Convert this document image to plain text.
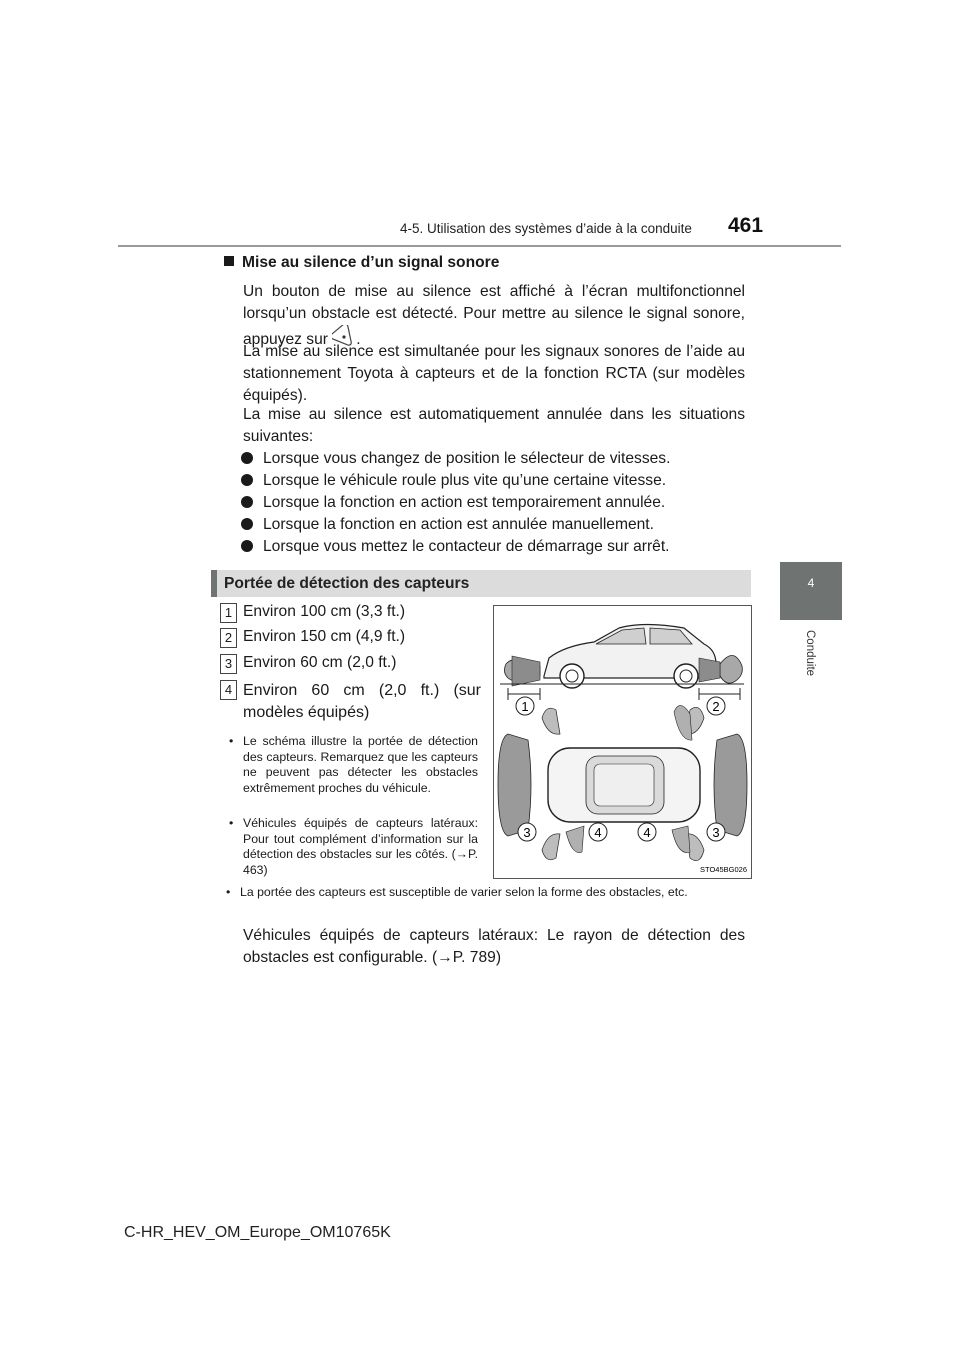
4-5. Utilisation des systèmes d’aide à la conduite 461
4
Conduite
Mise au silence d’un signal sonore
Un bouton de mise au silence est affiché à l’écran multifonctionnel lorsqu’un obstacle est détecté. Pour mettre au silence le signal sonore, appuyez sur .
La mise au silence est simultanée pour les signaux sonores de l’aide au stationnement Toyota à capteurs et de la fonction RCTA (sur modèles équipés).
La mise au silence est automatiquement annulée dans les situations suivantes:
Lorsque vous changez de position le sélecteur de vitesses.
Lorsque le véhicule roule plus vite qu’une certaine vitesse.
Lorsque la fonction en action est temporairement annulée.
Lorsque la fonction en action est annulée manuellement.
Lorsque vous mettez le contacteur de démarrage sur arrêt.
Portée de détection des capteurs
1 Environ 100 cm (3,3 ft.)
2 Environ 150 cm (4,9 ft.)
3 Environ 60 cm (2,0 ft.)
4 Environ 60 cm (2,0 ft.) (sur modèles équipés)
• Le schéma illustre la portée de détection des capteurs. Remarquez que les capteurs ne peuvent pas détecter les obstacles extrêmement proches du véhicule.
• Véhicules équipés de capteurs latéraux: Pour tout complément d’information sur la détection des obstacles sur les côtés. (→P. 463)
• La portée des capteurs est susceptible de varier selon la forme des obstacles, etc.
Véhicules équipés de capteurs latéraux: Le rayon de détection des obstacles est configurable. (→P. 789)
1	2
3	4	4	3
STO45BG026
C-HR_HEV_OM_Europe_OM10765K
